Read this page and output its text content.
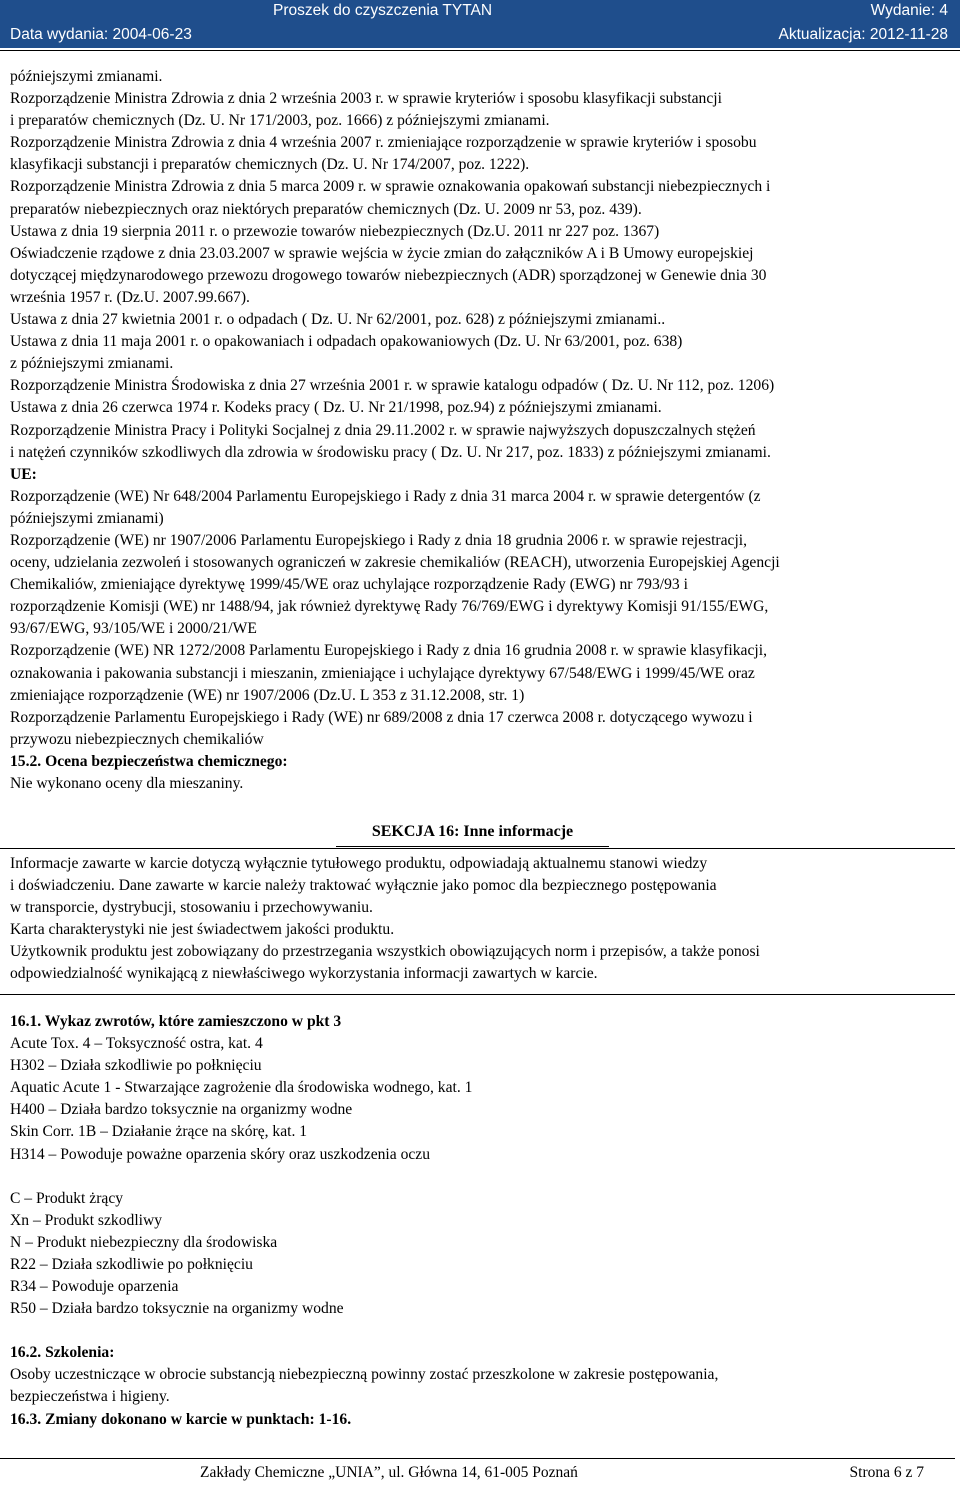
Proszek do czyszczenia TYTAN	Wydanie: 4
Data wydania: 2004-06-23	Aktualizacja: 2012-11-28

późniejszymi zmianami.

Rozporządzenie Ministra Zdrowia z dnia 2 września 2003 r. w sprawie kryteriów i sposobu klasyfikacji substancji

i preparatów chemicznych (Dz. U. Nr 171/2003, poz. 1666) z późniejszymi zmianami.

Rozporządzenie Ministra Zdrowia z dnia 4 września 2007 r. zmieniające rozporządzenie w sprawie kryteriów i sposobu

klasyfikacji substancji i preparatów chemicznych (Dz. U. Nr 174/2007, poz. 1222).

Rozporządzenie Ministra Zdrowia z dnia 5 marca 2009 r. w sprawie oznakowania opakowań substancji niebezpiecznych i

preparatów niebezpiecznych oraz niektórych preparatów chemicznych (Dz. U. 2009 nr 53, poz. 439).

Ustawa z dnia 19 sierpnia 2011 r. o przewozie towarów niebezpiecznych (Dz.U. 2011 nr 227 poz. 1367)

Oświadczenie rządowe z dnia 23.03.2007 w sprawie wejścia w życie zmian do załączników A i B Umowy europejskiej

dotyczącej międzynarodowego przewozu drogowego towarów niebezpiecznych (ADR) sporządzonej w Genewie dnia 30

września 1957 r. (Dz.U. 2007.99.667).

Ustawa z dnia 27 kwietnia 2001 r. o odpadach ( Dz. U. Nr 62/2001, poz. 628) z późniejszymi zmianami..

Ustawa z dnia 11 maja 2001 r. o opakowaniach i odpadach opakowaniowych (Dz. U. Nr 63/2001, poz. 638)

z późniejszymi zmianami.

Rozporządzenie Ministra Środowiska z dnia 27 września 2001 r. w sprawie katalogu odpadów ( Dz. U. Nr 112, poz. 1206)

Ustawa z dnia 26 czerwca 1974 r. Kodeks pracy ( Dz. U. Nr 21/1998, poz.94) z późniejszymi zmianami.

Rozporządzenie Ministra Pracy i Polityki Socjalnej z dnia 29.11.2002 r. w sprawie najwyższych dopuszczalnych stężeń

i natężeń czynników szkodliwych dla zdrowia w środowisku pracy ( Dz. U. Nr 217, poz. 1833) z późniejszymi zmianami.

UE:

Rozporządzenie (WE) Nr 648/2004 Parlamentu Europejskiego i Rady z dnia 31 marca 2004 r. w sprawie detergentów (z

późniejszymi zmianami)

Rozporządzenie (WE) nr 1907/2006 Parlamentu Europejskiego i Rady z dnia 18 grudnia 2006 r. w sprawie rejestracji,

oceny, udzielania zezwoleń i stosowanych ograniczeń w zakresie chemikaliów (REACH), utworzenia Europejskiej Agencji

Chemikaliów, zmieniające dyrektywę 1999/45/WE oraz uchylające rozporządzenie Rady (EWG) nr 793/93 i

rozporządzenie Komisji (WE) nr 1488/94, jak również dyrektywę Rady 76/769/EWG i dyrektywy Komisji 91/155/EWG,

93/67/EWG, 93/105/WE i 2000/21/WE

Rozporządzenie (WE) NR 1272/2008 Parlamentu Europejskiego i Rady z dnia 16 grudnia 2008 r. w sprawie klasyfikacji,

oznakowania i pakowania substancji i mieszanin, zmieniające i uchylające dyrektywy 67/548/EWG i 1999/45/WE oraz

zmieniające rozporządzenie (WE) nr 1907/2006 (Dz.U. L 353 z 31.12.2008, str. 1)

Rozporządzenie Parlamentu Europejskiego i Rady (WE) nr 689/2008 z dnia 17 czerwca 2008 r. dotyczącego wywozu i

przywozu niebezpiecznych chemikaliów

15.2. Ocena bezpieczeństwa chemicznego:

Nie wykonano oceny dla mieszaniny.

SEKCJA 16: Inne informacje

Informacje zawarte w karcie dotyczą wyłącznie tytułowego produktu, odpowiadają aktualnemu stanowi wiedzy

i doświadczeniu. Dane zawarte w karcie należy traktować wyłącznie jako pomoc dla bezpiecznego postępowania

w transporcie, dystrybucji, stosowaniu i przechowywaniu.

Karta charakterystyki nie jest świadectwem jakości produktu.

Użytkownik produktu jest zobowiązany do przestrzegania wszystkich obowiązujących norm i przepisów, a także ponosi

odpowiedzialność wynikającą z niewłaściwego wykorzystania informacji zawartych w karcie.

16.1. Wykaz zwrotów, które zamieszczono w pkt 3

Acute Tox. 4 – Toksyczność ostra, kat. 4

H302 – Działa szkodliwie po połknięciu

Aquatic Acute 1 - Stwarzające zagrożenie dla środowiska wodnego, kat. 1

H400 – Działa bardzo toksycznie na organizmy wodne

Skin Corr. 1B – Działanie żrące na skórę, kat. 1

H314 – Powoduje poważne oparzenia skóry oraz uszkodzenia oczu

C – Produkt żrący

Xn – Produkt szkodliwy

N – Produkt niebezpieczny dla środowiska

R22 – Działa szkodliwie po połknięciu

R34 – Powoduje oparzenia

R50 – Działa bardzo toksycznie na organizmy wodne

16.2. Szkolenia:

Osoby uczestniczące w obrocie substancją niebezpieczną powinny zostać przeszkolone w zakresie postępowania,

bezpieczeństwa i higieny.

16.3. Zmiany dokonano w karcie w punktach: 1-16.

Zakłady Chemiczne „UNIA”, ul. Główna 14, 61-005 Poznań	Strona 6 z 7
